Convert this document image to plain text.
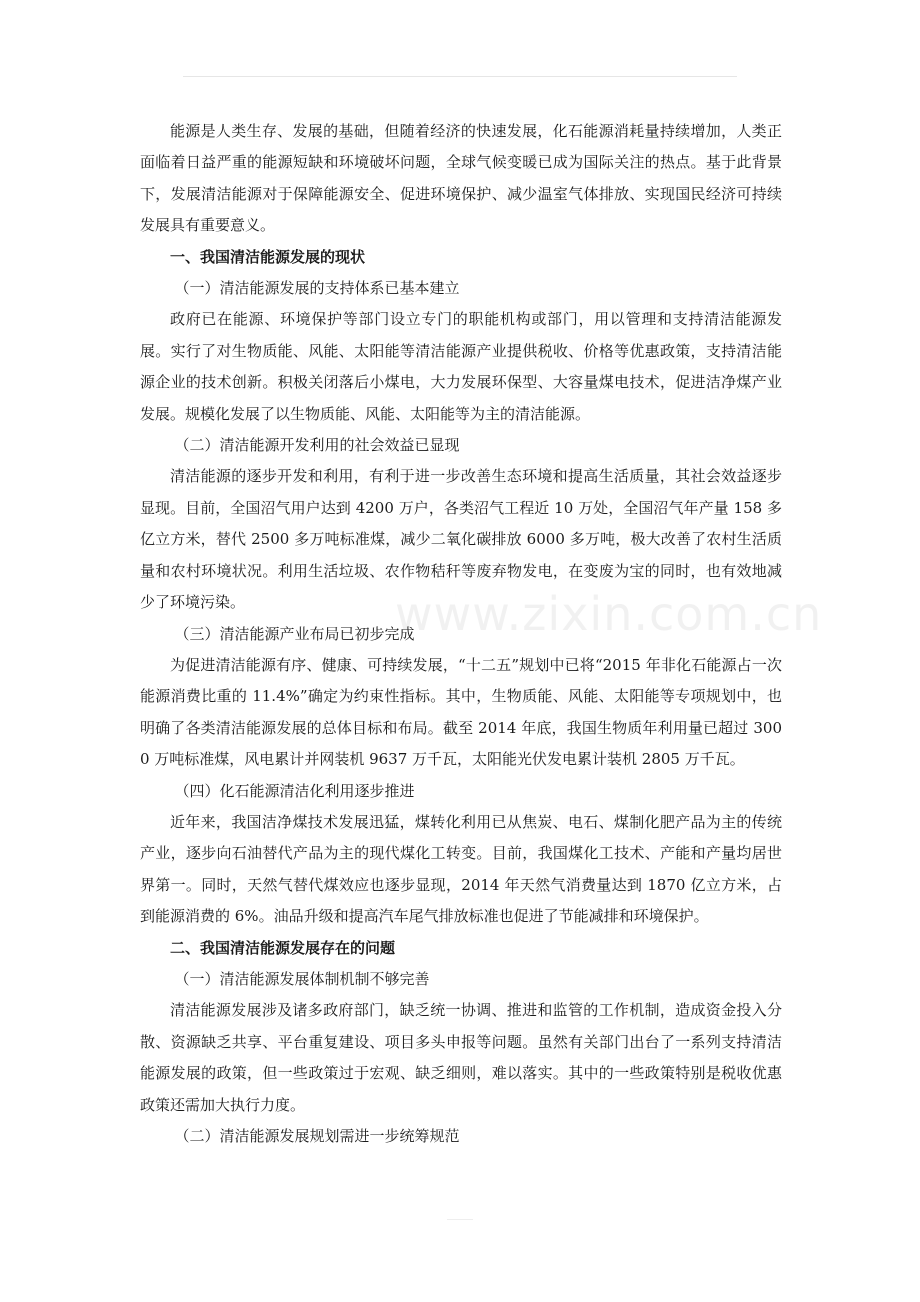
能源是人类生存、发展的基础，但随着经济的快速发展，化石能源消耗量持续增加，人类正面临着日益严重的能源短缺和环境破坏问题，全球气候变暖已成为国际关注的热点。基于此背景下，发展清洁能源对于保障能源安全、促进环境保护、减少温室气体排放、实现国民经济可持续发展具有重要意义。

一、我国清洁能源发展的现状

（一）清洁能源发展的支持体系已基本建立

政府已在能源、环境保护等部门设立专门的职能机构或部门，用以管理和支持清洁能源发展。实行了对生物质能、风能、太阳能等清洁能源产业提供税收、价格等优惠政策，支持清洁能源企业的技术创新。积极关闭落后小煤电，大力发展环保型、大容量煤电技术，促进洁净煤产业发展。规模化发展了以生物质能、风能、太阳能等为主的清洁能源。

（二）清洁能源开发利用的社会效益已显现

清洁能源的逐步开发和利用，有利于进一步改善生态环境和提高生活质量，其社会效益逐步显现。目前，全国沼气用户达到 4200 万户，各类沼气工程近 10 万处，全国沼气年产量 158 多亿立方米，替代 2500 多万吨标准煤，减少二氧化碳排放 6000 多万吨，极大改善了农村生活质量和农村环境状况。利用生活垃圾、农作物秸秆等废弃物发电，在变废为宝的同时，也有效地减少了环境污染。

（三）清洁能源产业布局已初步完成

为促进清洁能源有序、健康、可持续发展，“十二五”规划中已将“2015 年非化石能源占一次能源消费比重的 11.4%”确定为约束性指标。其中，生物质能、风能、太阳能等专项规划中，也明确了各类清洁能源发展的总体目标和布局。截至 2014 年底，我国生物质年利用量已超过 3000 万吨标准煤，风电累计并网装机 9637 万千瓦，太阳能光伏发电累计装机 2805 万千瓦。

（四）化石能源清洁化利用逐步推进

近年来，我国洁净煤技术发展迅猛，煤转化利用已从焦炭、电石、煤制化肥产品为主的传统产业，逐步向石油替代产品为主的现代煤化工转变。目前，我国煤化工技术、产能和产量均居世界第一。同时，天然气替代煤效应也逐步显现，2014 年天然气消费量达到 1870 亿立方米，占到能源消费的 6%。油品升级和提高汽车尾气排放标准也促进了节能减排和环境保护。

二、我国清洁能源发展存在的问题

（一）清洁能源发展体制机制不够完善

清洁能源发展涉及诸多政府部门，缺乏统一协调、推进和监管的工作机制，造成资金投入分散、资源缺乏共享、平台重复建设、项目多头申报等问题。虽然有关部门出台了一系列支持清洁能源发展的政策，但一些政策过于宏观、缺乏细则，难以落实。其中的一些政策特别是税收优惠政策还需加大执行力度。

（二）清洁能源发展规划需进一步统筹规范

www.zixin.com.cn
